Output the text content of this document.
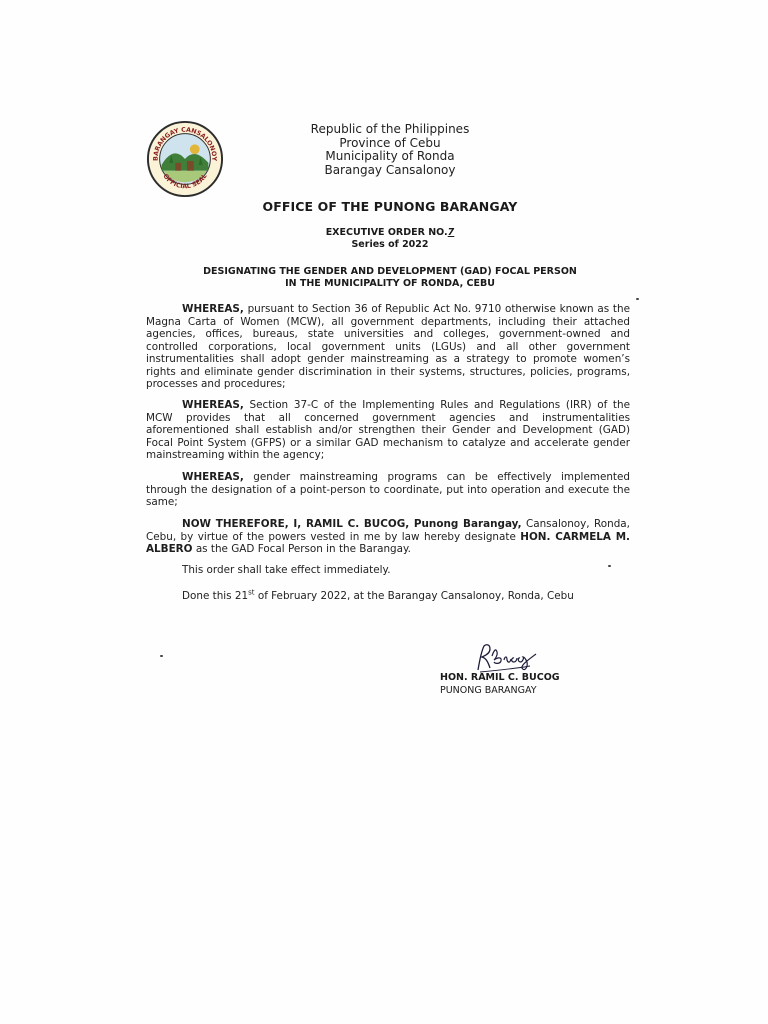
BARANGAY CANSALONOY
OFFICIAL SEAL
Republic of the Philippines
Province of Cebu
Municipality of Ronda
Barangay Cansalonoy
OFFICE OF THE PUNONG BARANGAY
EXECUTIVE ORDER NO.7
Series of 2022
DESIGNATING THE GENDER AND DEVELOPMENT (GAD) FOCAL PERSON
IN THE MUNICIPALITY OF RONDA, CEBU
WHEREAS, pursuant to Section 36 of Republic Act No. 9710 otherwise known as the Magna Carta of Women (MCW), all government departments, including their attached agencies, offices, bureaus, state universities and colleges, government-owned and controlled corporations, local government units (LGUs) and all other government instrumentalities shall adopt gender mainstreaming as a strategy to promote women’s rights and eliminate gender discrimination in their systems, structures, policies, programs, processes and procedures;
WHEREAS, Section 37-C of the Implementing Rules and Regulations (IRR) of the MCW provides that all concerned government agencies and instrumentalities aforementioned shall establish and/or strengthen their Gender and Development (GAD) Focal Point System (GFPS) or a similar GAD mechanism to catalyze and accelerate gender mainstreaming within the agency;
WHEREAS, gender mainstreaming programs can be effectively implemented through the designation of a point-person to coordinate, put into operation and execute the same;
NOW THEREFORE, I, RAMIL C. BUCOG, Punong Barangay, Cansalonoy, Ronda, Cebu, by virtue of the powers vested in me by law hereby designate HON. CARMELA M. ALBERO as the GAD Focal Person in the Barangay.
This order shall take effect immediately.
Done this 21st of February 2022, at the Barangay Cansalonoy, Ronda, Cebu
HON. RAMIL C. BUCOG
PUNONG BARANGAY
